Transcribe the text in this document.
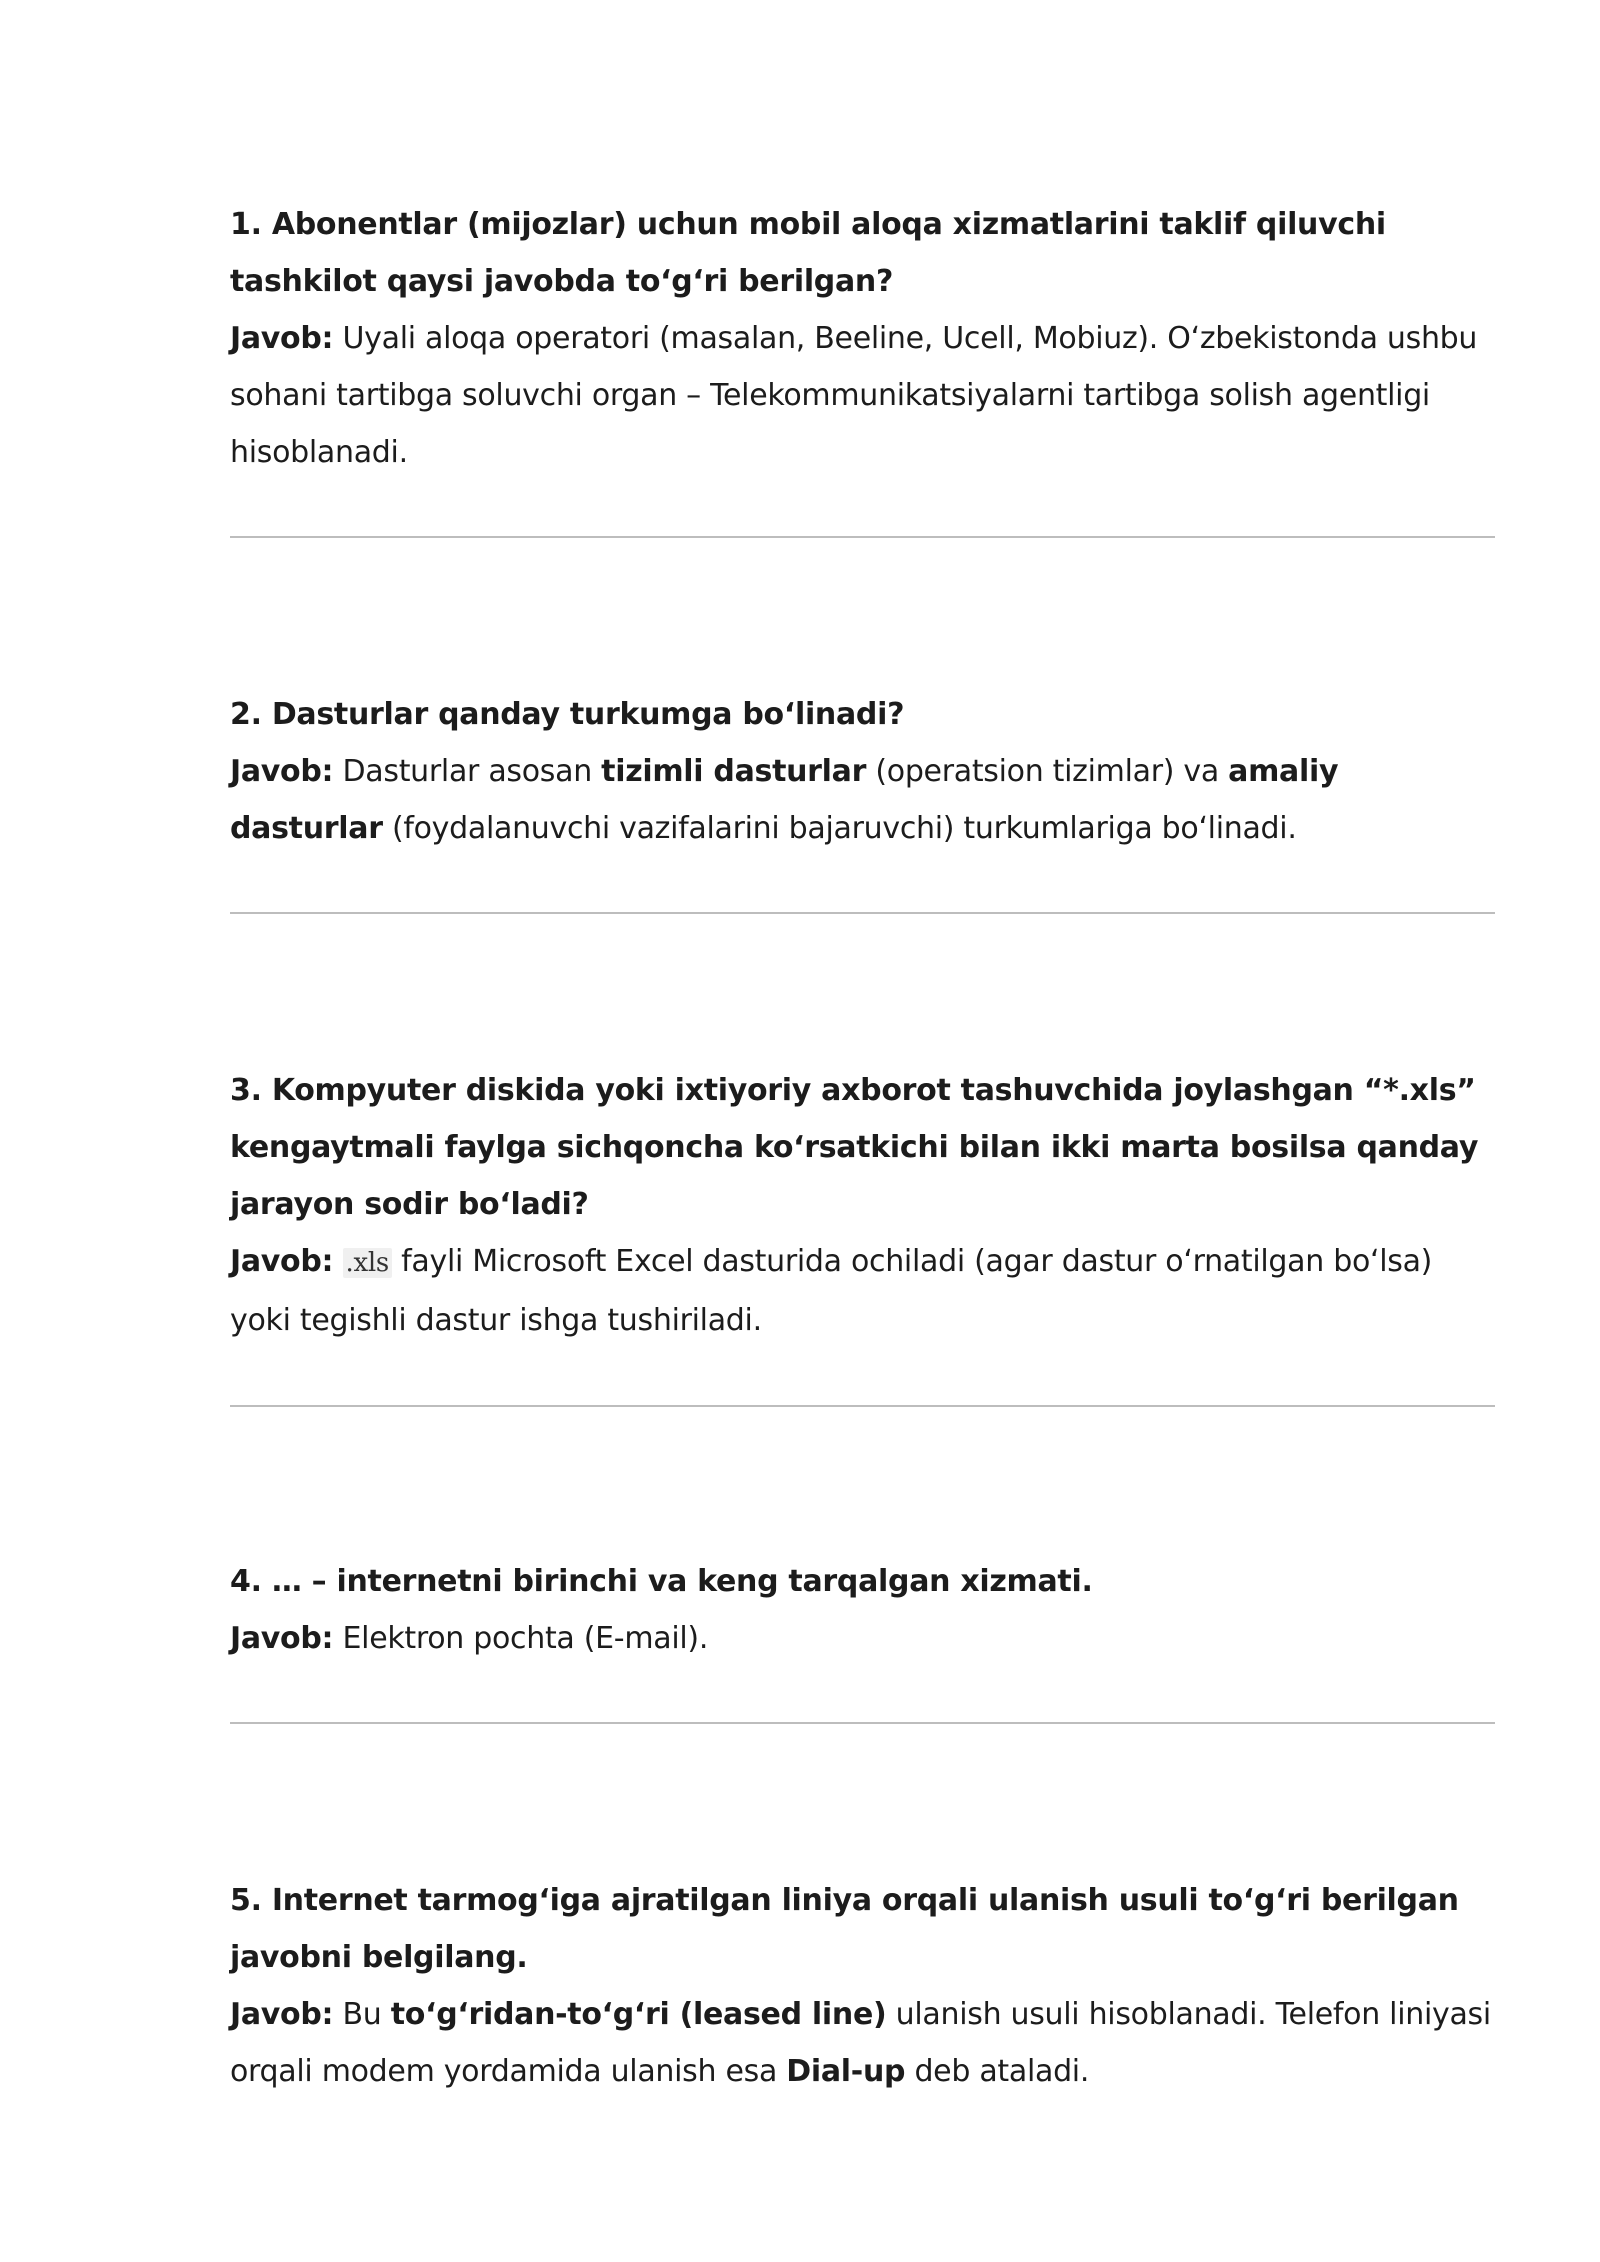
1. Abonentlar (mijozlar) uchun mobil aloqa xizmatlarini taklif qiluvchi tashkilot qaysi javobda to‘g‘ri berilgan?

Javob: Uyali aloqa operatori (masalan, Beeline, Ucell, Mobiuz). O‘zbekistonda ushbu sohani tartibga soluvchi organ – Telekommunikatsiyalarni tartibga solish agentligi hisoblanadi.

2. Dasturlar qanday turkumga bo‘linadi?

Javob: Dasturlar asosan tizimli dasturlar (operatsion tizimlar) va amaliy dasturlar (foydalanuvchi vazifalarini bajaruvchi) turkumlariga bo‘linadi.

3. Kompyuter diskida yoki ixtiyoriy axborot tashuvchida joylashgan “*.xls” kengaytmali faylga sichqoncha ko‘rsatkichi bilan ikki marta bosilsa qanday jarayon sodir bo‘ladi?

Javob: .xls fayli Microsoft Excel dasturida ochiladi (agar dastur o‘rnatilgan bo‘lsa) yoki tegishli dastur ishga tushiriladi.

4. … – internetni birinchi va keng tarqalgan xizmati.

Javob: Elektron pochta (E-mail).

5. Internet tarmog‘iga ajratilgan liniya orqali ulanish usuli to‘g‘ri berilgan javobni belgilang.

Javob: Bu to‘g‘ridan-to‘g‘ri (leased line) ulanish usuli hisoblanadi. Telefon liniyasi orqali modem yordamida ulanish esa Dial-up deb ataladi.
